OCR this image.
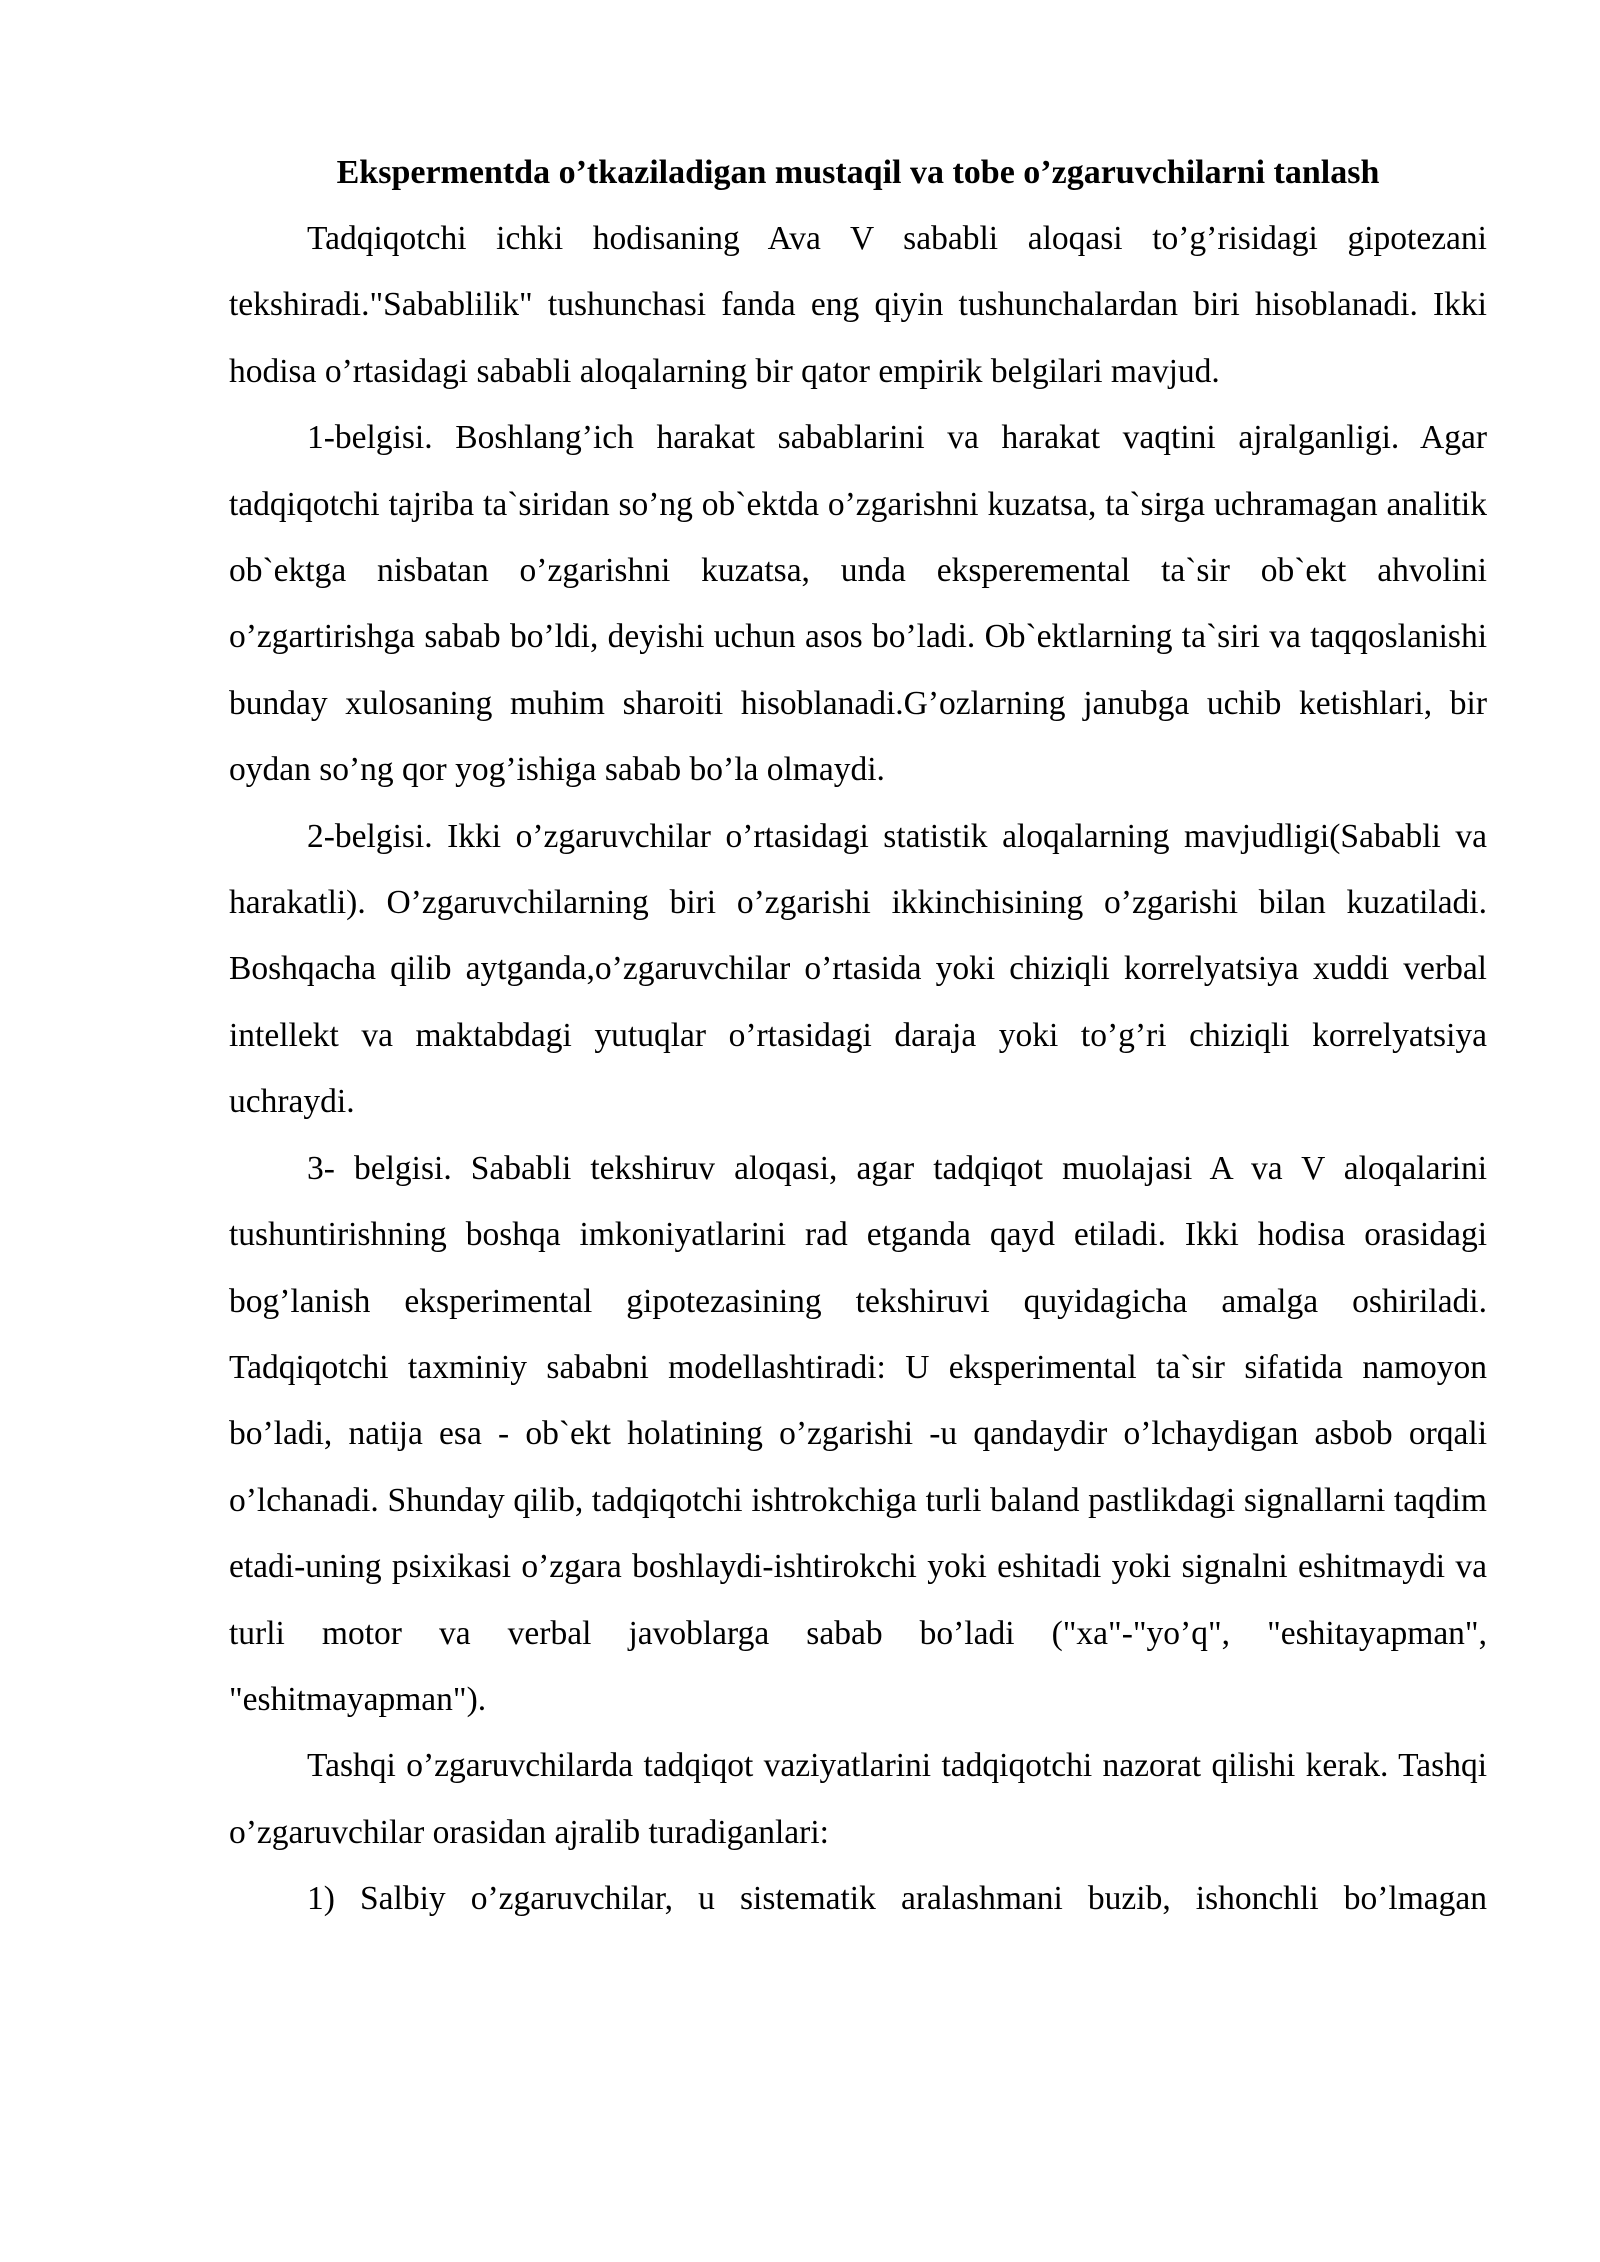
Ekspermentda o’tkaziladigan mustaqil va tobe o’zgaruvchilarni tanlash

Tadqiqotchi ichki hodisaning Ava V sababli aloqasi to’g’risidagi gipotezani tekshiradi."Sabablilik" tushunchasi fanda eng qiyin tushunchalardan biri hisoblanadi. Ikki hodisa o’rtasidagi sababli aloqalarning bir qator empirik belgilari mavjud.

1-belgisi. Boshlang’ich harakat sabablarini va harakat vaqtini ajralganligi. Agar tadqiqotchi tajriba ta`siridan so’ng ob`ektda o’zgarishni kuzatsa, ta`sirga uchramagan analitik ob`ektga nisbatan o’zgarishni kuzatsa, unda eksperemental ta`sir ob`ekt ahvolini o’zgartirishga sabab bo’ldi, deyishi uchun asos bo’ladi. Ob`ektlarning ta`siri va taqqoslanishi bunday xulosaning muhim sharoiti hisoblanadi.G’ozlarning janubga uchib ketishlari, bir oydan so’ng qor yog’ishiga sabab bo’la olmaydi.

2-belgisi. Ikki o’zgaruvchilar o’rtasidagi statistik aloqalarning mavjudligi(Sababli va harakatli). O’zgaruvchilarning biri o’zgarishi ikkinchisining o’zgarishi bilan kuzatiladi. Boshqacha qilib aytganda,o’zgaruvchilar o’rtasida yoki chiziqli korrelyatsiya xuddi verbal intellekt va maktabdagi yutuqlar o’rtasidagi daraja yoki to’g’ri chiziqli korrelyatsiya uchraydi.

3- belgisi. Sababli tekshiruv aloqasi, agar tadqiqot muolajasi A va V aloqalarini tushuntirishning boshqa imkoniyatlarini rad etganda qayd etiladi. Ikki hodisa orasidagi bog’lanish eksperimental gipotezasining tekshiruvi quyidagicha amalga oshiriladi. Tadqiqotchi taxminiy sababni modellashtiradi: U eksperimental ta`sir sifatida namoyon bo’ladi, natija esa - ob`ekt holatining o’zgarishi -u qandaydir o’lchaydigan asbob orqali o’lchanadi. Shunday qilib, tadqiqotchi ishtrokchiga turli baland pastlikdagi signallarni taqdim etadi-uning psixikasi o’zgara boshlaydi-ishtirokchi yoki eshitadi yoki signalni eshitmaydi va turli motor va verbal javoblarga sabab bo’ladi ("xa"-"yo’q", "eshitayapman", "eshitmayapman").

Tashqi o’zgaruvchilarda tadqiqot vaziyatlarini tadqiqotchi nazorat qilishi kerak. Tashqi o’zgaruvchilar orasidan ajralib turadiganlari:

1) Salbiy o’zgaruvchilar, u sistematik aralashmani buzib, ishonchli bo’lmagan
